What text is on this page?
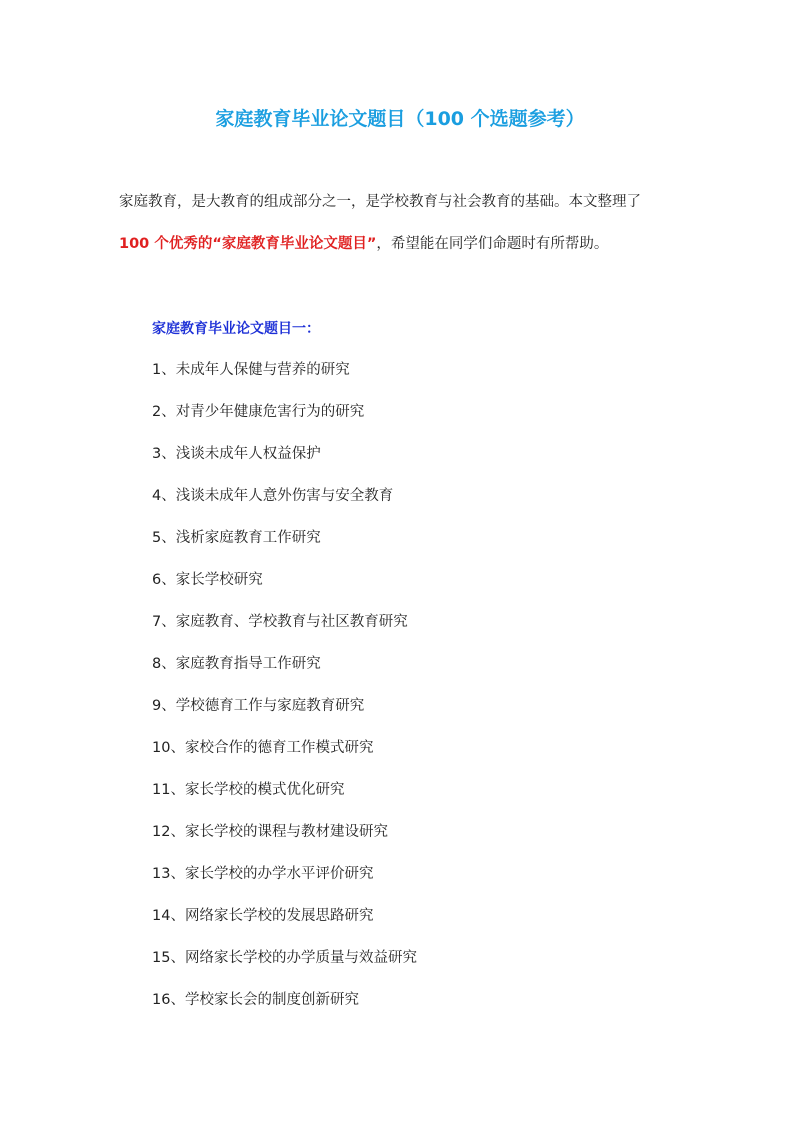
家庭教育毕业论文题目（100 个选题参考）
家庭教育，是大教育的组成部分之一，是学校教育与社会教育的基础。本文整理了
100 个优秀的“家庭教育毕业论文题目”，希望能在同学们命题时有所帮助。
家庭教育毕业论文题目一：
1、未成年人保健与营养的研究
2、对青少年健康危害行为的研究
3、浅谈未成年人权益保护
4、浅谈未成年人意外伤害与安全教育
5、浅析家庭教育工作研究
6、家长学校研究
7、家庭教育、学校教育与社区教育研究
8、家庭教育指导工作研究
9、学校德育工作与家庭教育研究
10、家校合作的德育工作模式研究
11、家长学校的模式优化研究
12、家长学校的课程与教材建设研究
13、家长学校的办学水平评价研究
14、网络家长学校的发展思路研究
15、网络家长学校的办学质量与效益研究
16、学校家长会的制度创新研究
